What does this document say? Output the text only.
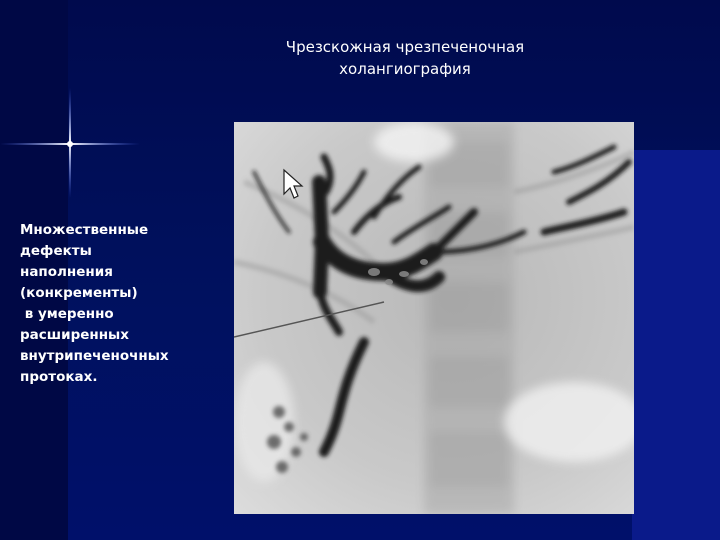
Чрезскожная чрезпеченочная
холангиография
Множественные
дефекты
наполнения
(конкременты)
в умеренно
расширенных
внутрипеченочных
протоках.
